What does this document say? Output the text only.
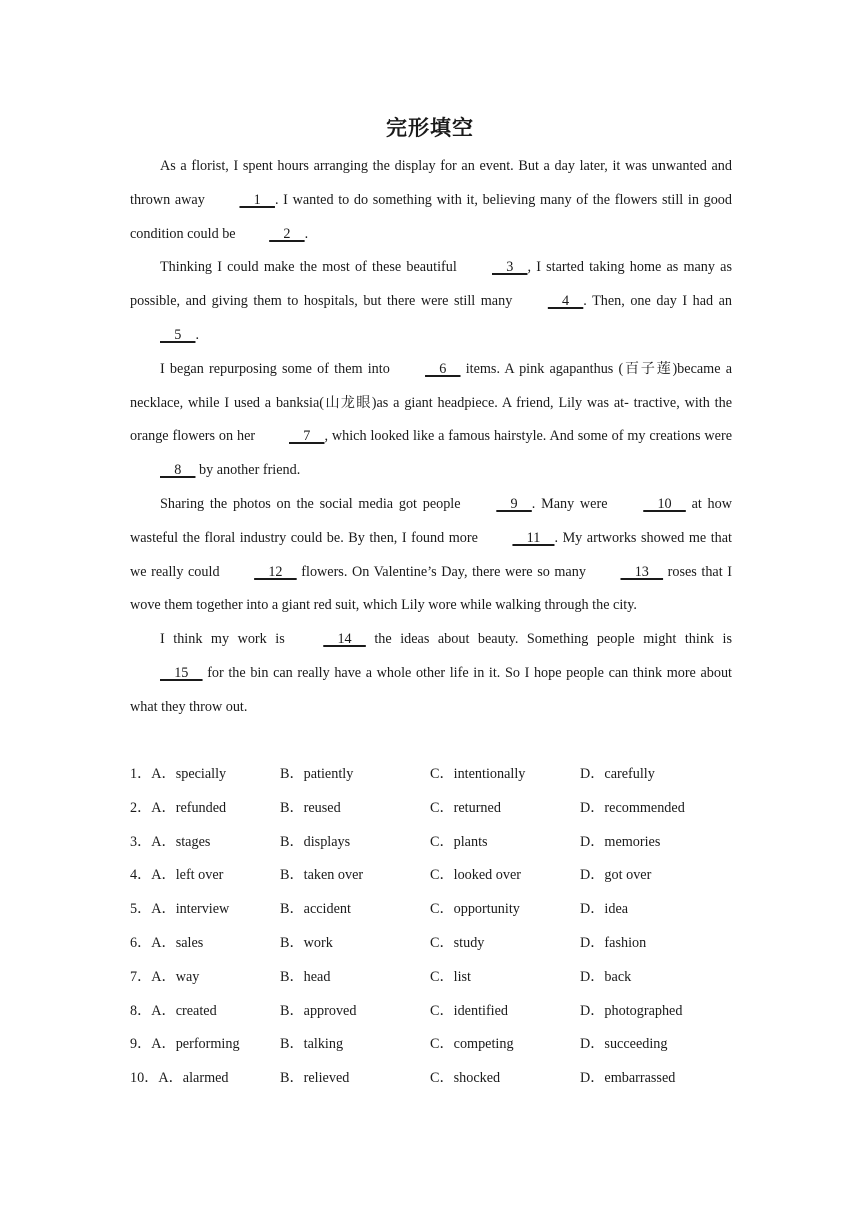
完形填空

As a florist, I spent hours arranging the display for an event. But a day later, it was unwanted and thrown away     1    . I wanted to do something with it, believing many of the flowers still in good condition could be     2    .

Thinking I could make the most of these beautiful     3    , I started taking home as many as possible, and giving them to hospitals, but there were still many     4    . Then, one day I had an     5    .

I began repurposing some of them into     6     items. A pink agapanthus (百子莲)became a necklace, while I used a banksia(山龙眼)as a giant headpiece. A friend, Lily was at- tractive, with the orange flowers on her     7    , which looked like a famous hairstyle. And some of my creations were     8     by another friend.

Sharing the photos on the social media got people     9    . Many were     10     at how wasteful the floral industry could be. By then, I found more     11    . My artworks showed me that we really could     12     flowers. On Valentine’s Day, there were so many     13     roses that I wove them together into a giant red suit, which Lily wore while walking through the city.

I think my work is     14     the ideas about beauty. Something people might think is     15     for the bin can really have a whole other life in it. So I hope people can think more about what they throw out.

1．A．specially	B．patiently	C．intentionally	D．carefully
2．A．refunded	B．reused	C．returned	D．recommended
3．A．stages	B．displays	C．plants	D．memories
4．A．left over	B．taken over	C．looked over	D．got over
5．A．interview	B．accident	C．opportunity	D．idea
6．A．sales	B．work	C．study	D．fashion
7．A．way	B．head	C．list	D．back
8．A．created	B．approved	C．identified	D．photographed
9．A．performing	B．talking	C．competing	D．succeeding
10．A．alarmed	B．relieved	C．shocked	D．embarrassed
